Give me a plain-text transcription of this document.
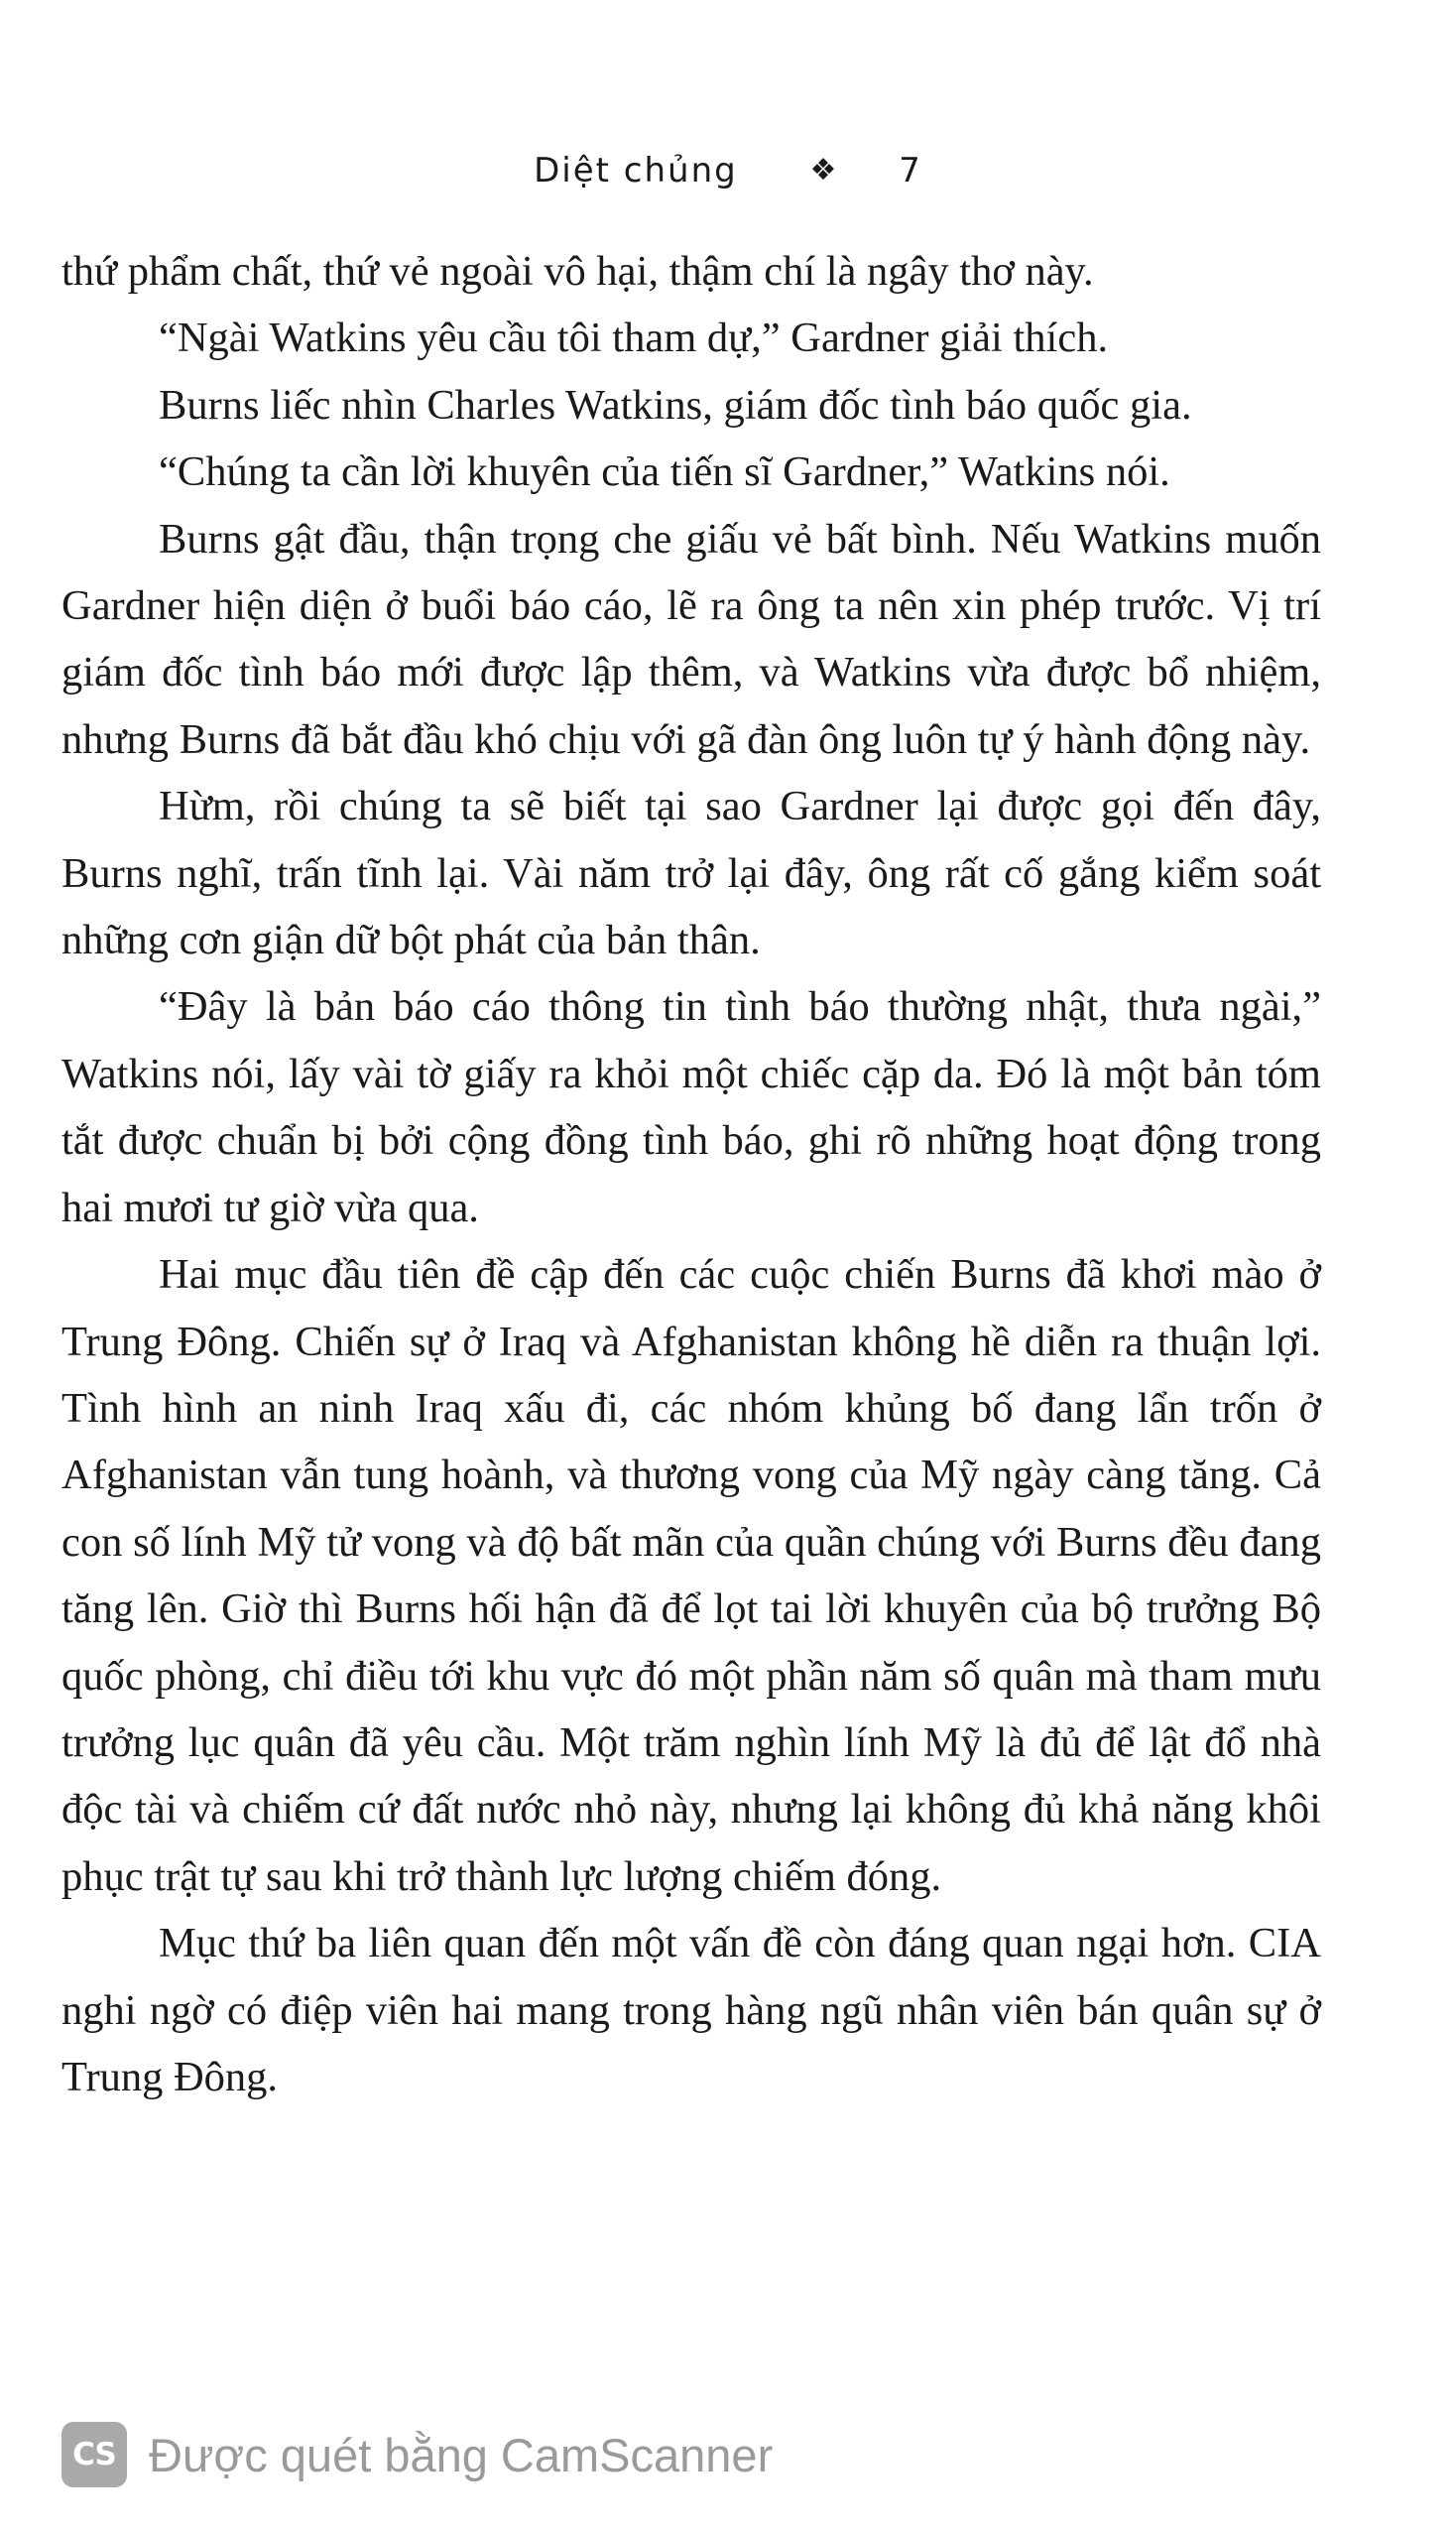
Diệt chủng ❖ 7

thứ phẩm chất, thứ vẻ ngoài vô hại, thậm chí là ngây thơ này.

“Ngài Watkins yêu cầu tôi tham dự,” Gardner giải thích.

Burns liếc nhìn Charles Watkins, giám đốc tình báo quốc gia.

“Chúng ta cần lời khuyên của tiến sĩ Gardner,” Watkins nói.

Burns gật đầu, thận trọng che giấu vẻ bất bình. Nếu Watkins muốn Gardner hiện diện ở buổi báo cáo, lẽ ra ông ta nên xin phép trước. Vị trí giám đốc tình báo mới được lập thêm, và Watkins vừa được bổ nhiệm, nhưng Burns đã bắt đầu khó chịu với gã đàn ông luôn tự ý hành động này.

Hừm, rồi chúng ta sẽ biết tại sao Gardner lại được gọi đến đây, Burns nghĩ, trấn tĩnh lại. Vài năm trở lại đây, ông rất cố gắng kiểm soát những cơn giận dữ bột phát của bản thân.

“Đây là bản báo cáo thông tin tình báo thường nhật, thưa ngài,” Watkins nói, lấy vài tờ giấy ra khỏi một chiếc cặp da. Đó là một bản tóm tắt được chuẩn bị bởi cộng đồng tình báo, ghi rõ những hoạt động trong hai mươi tư giờ vừa qua.

Hai mục đầu tiên đề cập đến các cuộc chiến Burns đã khơi mào ở Trung Đông. Chiến sự ở Iraq và Afghanistan không hề diễn ra thuận lợi. Tình hình an ninh Iraq xấu đi, các nhóm khủng bố đang lẩn trốn ở Afghanistan vẫn tung hoành, và thương vong của Mỹ ngày càng tăng. Cả con số lính Mỹ tử vong và độ bất mãn của quần chúng với Burns đều đang tăng lên. Giờ thì Burns hối hận đã để lọt tai lời khuyên của bộ trưởng Bộ quốc phòng, chỉ điều tới khu vực đó một phần năm số quân mà tham mưu trưởng lục quân đã yêu cầu. Một trăm nghìn lính Mỹ là đủ để lật đổ nhà độc tài và chiếm cứ đất nước nhỏ này, nhưng lại không đủ khả năng khôi phục trật tự sau khi trở thành lực lượng chiếm đóng.

Mục thứ ba liên quan đến một vấn đề còn đáng quan ngại hơn. CIA nghi ngờ có điệp viên hai mang trong hàng ngũ nhân viên bán quân sự ở Trung Đông.

CS Được quét bằng CamScanner
